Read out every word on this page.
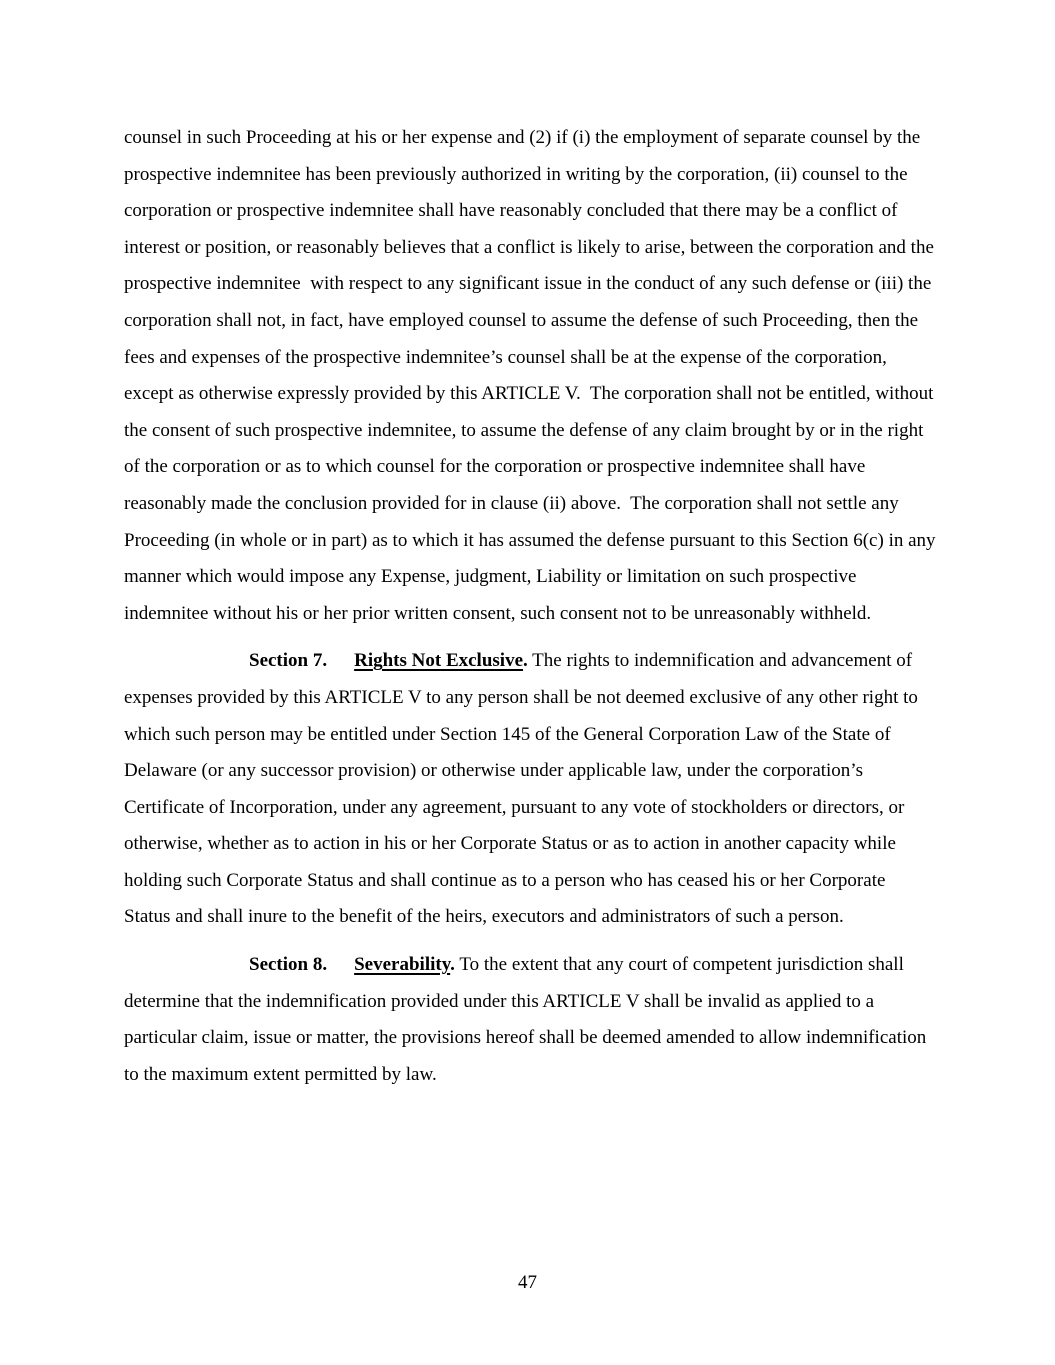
counsel in such Proceeding at his or her expense and (2) if (i) the employment of separate counsel by the prospective indemnitee has been previously authorized in writing by the corporation, (ii) counsel to the corporation or prospective indemnitee shall have reasonably concluded that there may be a conflict of interest or position, or reasonably believes that a conflict is likely to arise, between the corporation and the prospective indemnitee  with respect to any significant issue in the conduct of any such defense or (iii) the corporation shall not, in fact, have employed counsel to assume the defense of such Proceeding, then the fees and expenses of the prospective indemnitee’s counsel shall be at the expense of the corporation, except as otherwise expressly provided by this ARTICLE V.  The corporation shall not be entitled, without the consent of such prospective indemnitee, to assume the defense of any claim brought by or in the right of the corporation or as to which counsel for the corporation or prospective indemnitee shall have reasonably made the conclusion provided for in clause (ii) above.  The corporation shall not settle any Proceeding (in whole or in part) as to which it has assumed the defense pursuant to this Section 6(c) in any manner which would impose any Expense, judgment, Liability or limitation on such prospective indemnitee without his or her prior written consent, such consent not to be unreasonably withheld.

Section 7. Rights Not Exclusive. The rights to indemnification and advancement of expenses provided by this ARTICLE V to any person shall be not deemed exclusive of any other right to which such person may be entitled under Section 145 of the General Corporation Law of the State of Delaware (or any successor provision) or otherwise under applicable law, under the corporation’s Certificate of Incorporation, under any agreement, pursuant to any vote of stockholders or directors, or otherwise, whether as to action in his or her Corporate Status or as to action in another capacity while holding such Corporate Status and shall continue as to a person who has ceased his or her Corporate Status and shall inure to the benefit of the heirs, executors and administrators of such a person.

Section 8. Severability. To the extent that any court of competent jurisdiction shall determine that the indemnification provided under this ARTICLE V shall be invalid as applied to a particular claim, issue or matter, the provisions hereof shall be deemed amended to allow indemnification to the maximum extent permitted by law.

47
